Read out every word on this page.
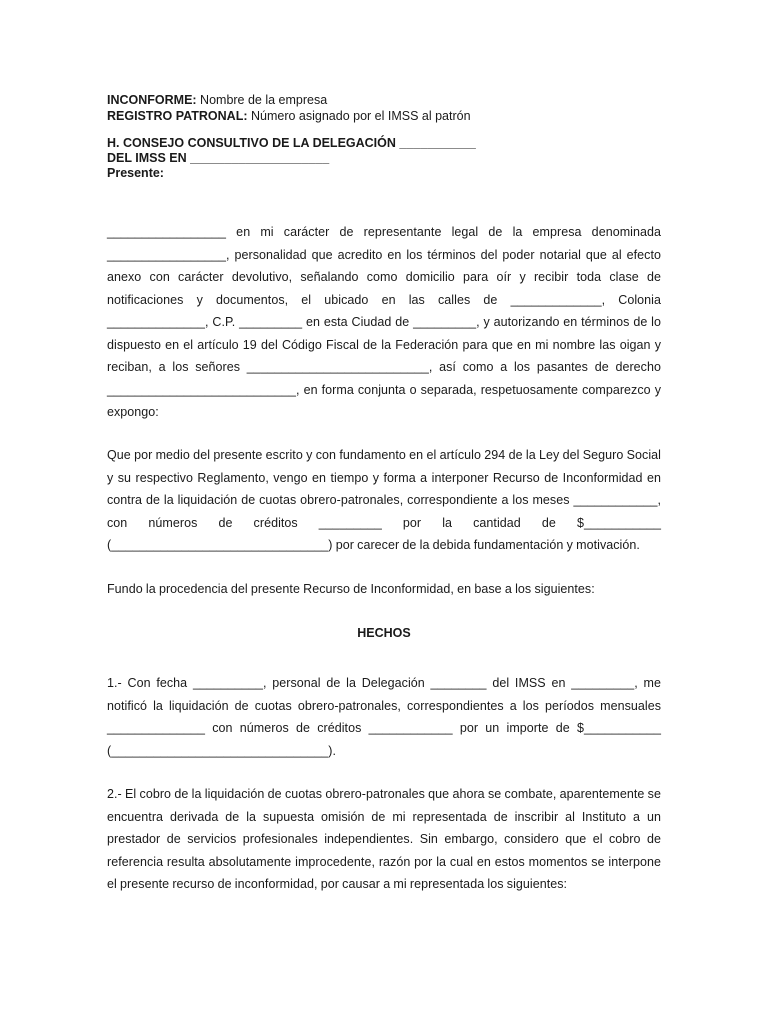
INCONFORME: Nombre de la empresa
REGISTRO PATRONAL: Número asignado por el IMSS al patrón
H. CONSEJO CONSULTIVO DE LA DELEGACIÓN ___________
DEL IMSS EN ____________________
Presente:
_________________ en mi carácter de representante legal de la empresa denominada _________________, personalidad que acredito en los términos del poder notarial que al efecto anexo con carácter devolutivo, señalando como domicilio para oír y recibir toda clase de notificaciones y documentos, el ubicado en las calles de _____________, Colonia ______________, C.P. _________ en esta Ciudad de _________, y autorizando en términos de lo dispuesto en el artículo 19 del Código Fiscal de la Federación para que en mi nombre las oigan y reciban, a los señores __________________________, así como a los pasantes de derecho ___________________________, en forma conjunta o separada, respetuosamente comparezco y expongo:
Que por medio del presente escrito y con fundamento en el artículo 294 de la Ley del Seguro Social y su respectivo Reglamento, vengo en tiempo y forma a interponer Recurso de Inconformidad en contra de la liquidación de cuotas obrero-patronales, correspondiente a los meses ____________, con números de créditos _________ por la cantidad de $___________ (_______________________________) por carecer de la debida fundamentación y motivación.
Fundo la procedencia del presente Recurso de Inconformidad, en base a los siguientes:
HECHOS
1.- Con fecha __________, personal de la Delegación ________ del IMSS en _________, me notificó la liquidación de cuotas obrero-patronales, correspondientes a los períodos mensuales ______________ con números de créditos ____________ por un importe de $___________ (_______________________________).
2.- El cobro de la liquidación de cuotas obrero-patronales que ahora se combate, aparentemente se encuentra derivada de la supuesta omisión de mi representada de inscribir al Instituto a un prestador de servicios profesionales independientes. Sin embargo, considero que el cobro de referencia resulta absolutamente improcedente, razón por la cual en estos momentos se interpone el presente recurso de inconformidad, por causar a mi representada los siguientes:
